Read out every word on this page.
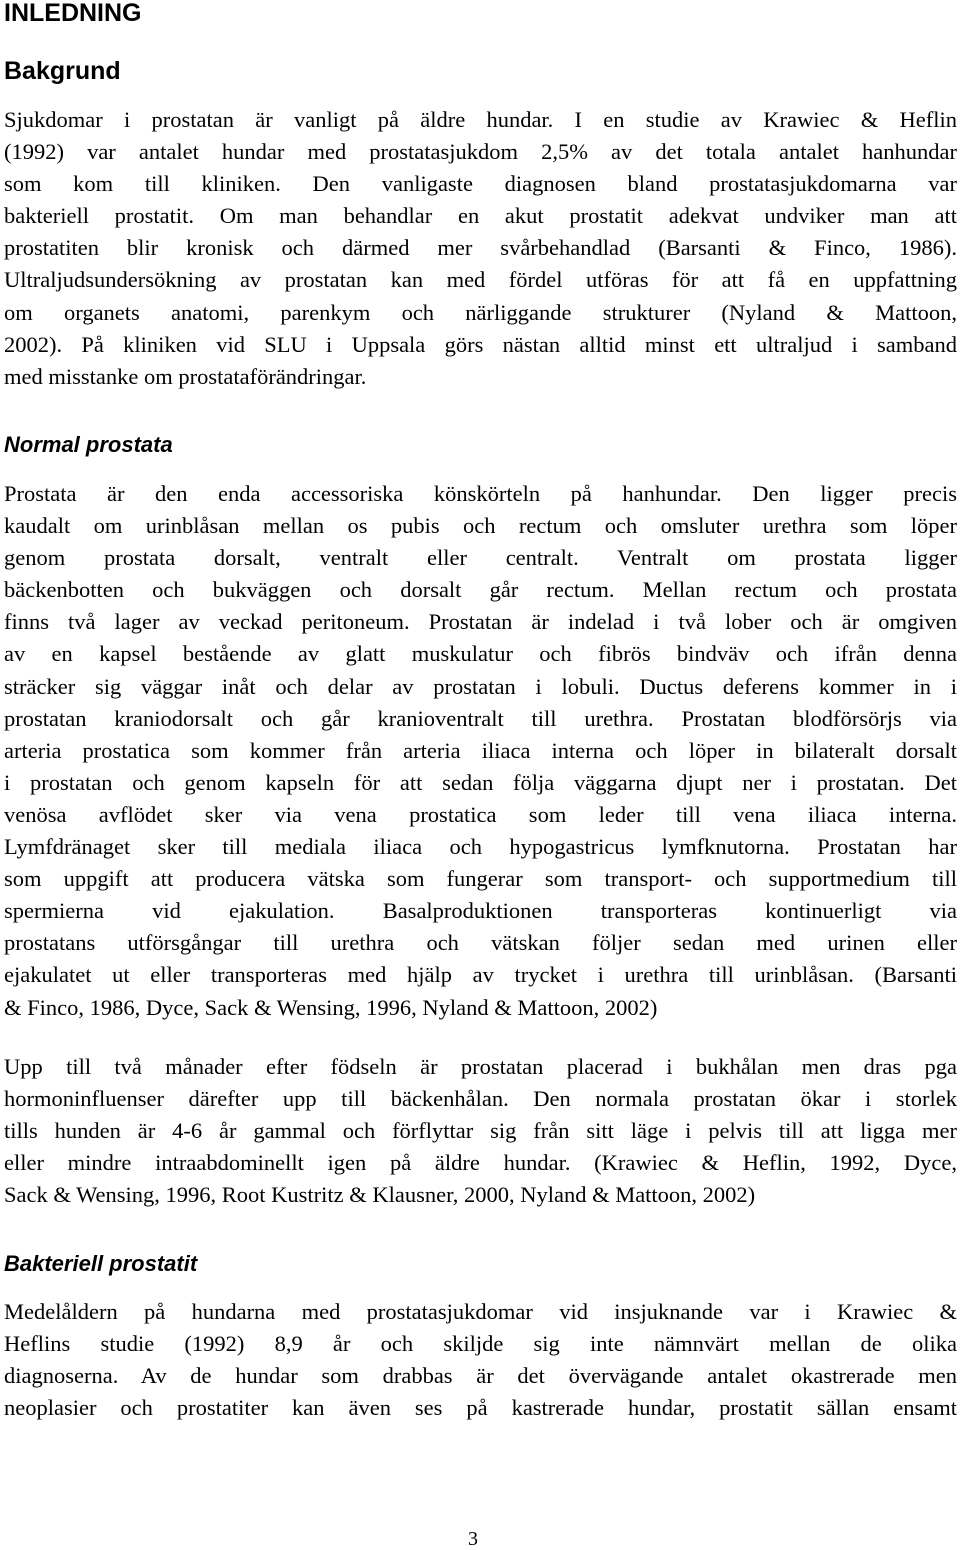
INLEDNING
Bakgrund
Sjukdomar i prostatan är vanligt på äldre hundar. I en studie av Krawiec & Heflin
(1992) var antalet hundar med prostatasjukdom 2,5% av det totala antalet hanhundar
som kom till kliniken. Den vanligaste diagnosen bland prostatasjukdomarna var
bakteriell prostatit. Om man behandlar en akut prostatit adekvat undviker man att
prostatiten blir kronisk och därmed mer svårbehandlad (Barsanti & Finco, 1986).
Ultraljudsundersökning av prostatan kan med fördel utföras för att få en uppfattning
om organets anatomi, parenkym och närliggande strukturer (Nyland & Mattoon,
2002). På kliniken vid SLU i Uppsala görs nästan alltid minst ett ultraljud i samband
med misstanke om prostataförändringar.
Normal prostata
Prostata är den enda accessoriska könskörteln på hanhundar. Den ligger precis
kaudalt om urinblåsan mellan os pubis och rectum och omsluter urethra som löper
genom prostata dorsalt, ventralt eller centralt. Ventralt om prostata ligger
bäckenbotten och bukväggen och dorsalt går rectum. Mellan rectum och prostata
finns två lager av veckad peritoneum. Prostatan är indelad i två lober och är omgiven
av en kapsel bestående av glatt muskulatur och fibrös bindväv och ifrån denna
sträcker sig väggar inåt och delar av prostatan i lobuli. Ductus deferens kommer in i
prostatan kraniodorsalt och går kranioventralt till urethra. Prostatan blodförsörjs via
arteria prostatica som kommer från arteria iliaca interna och löper in bilateralt dorsalt
i prostatan och genom kapseln för att sedan följa väggarna djupt ner i prostatan. Det
venösa avflödet sker via vena prostatica som leder till vena iliaca interna.
Lymfdränaget sker till mediala iliaca och hypogastricus lymfknutorna. Prostatan har
som uppgift att producera vätska som fungerar som transport- och supportmedium till
spermierna vid ejakulation. Basalproduktionen transporteras kontinuerligt via
prostatans utförsgångar till urethra och vätskan följer sedan med urinen eller
ejakulatet ut eller transporteras med hjälp av trycket i urethra till urinblåsan. (Barsanti
& Finco, 1986, Dyce, Sack & Wensing, 1996, Nyland & Mattoon, 2002)
Upp till två månader efter födseln är prostatan placerad i bukhålan men dras pga
hormoninfluenser därefter upp till bäckenhålan. Den normala prostatan ökar i storlek
tills hunden är 4-6 år gammal och förflyttar sig från sitt läge i pelvis till att ligga mer
eller mindre intraabdominellt igen på äldre hundar. (Krawiec & Heflin, 1992, Dyce,
Sack & Wensing, 1996, Root Kustritz & Klausner, 2000, Nyland & Mattoon, 2002)
Bakteriell prostatit
Medelåldern på hundarna med prostatasjukdomar vid insjuknande var i Krawiec &
Heflins studie (1992) 8,9 år och skiljde sig inte nämnvärt mellan de olika
diagnoserna. Av de hundar som drabbas är det övervägande antalet okastrerade men
neoplasier och prostatiter kan även ses på kastrerade hundar, prostatit sällan ensamt
3
